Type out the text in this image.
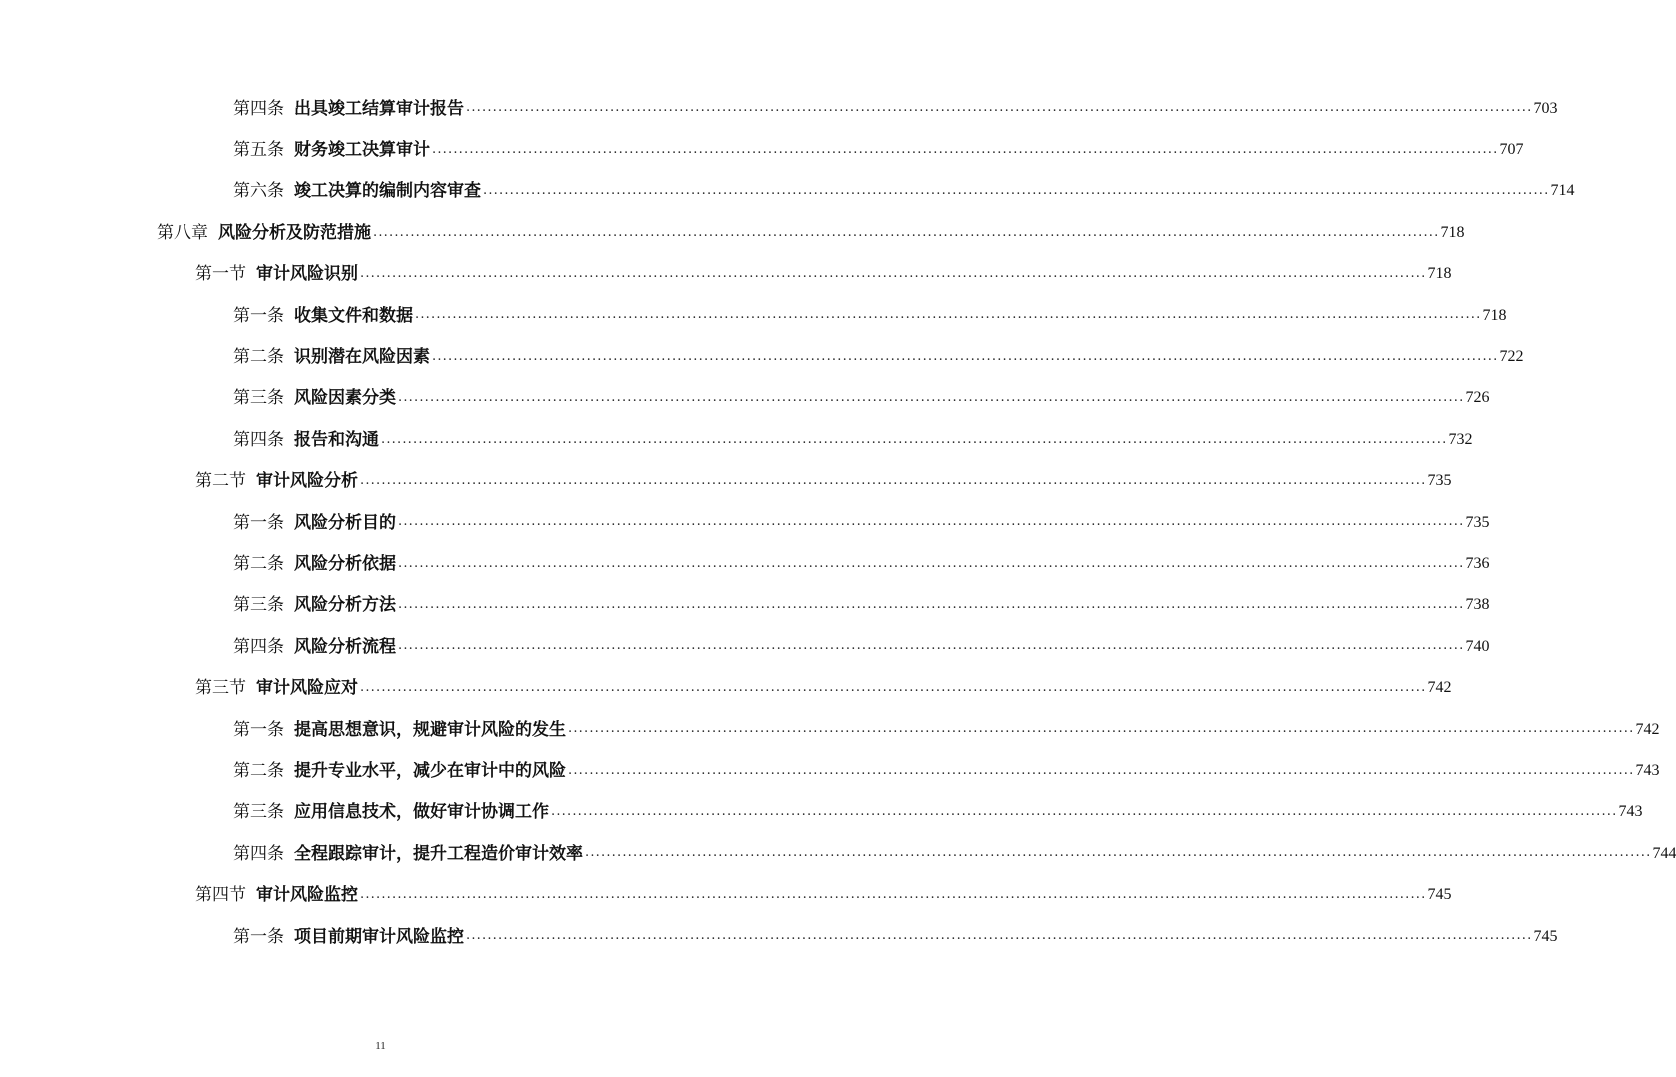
第四条 出具竣工结算审计报告 ........................................................................................................................................................................................................ 703
第五条 财务竣工决算审计 ........................................................................................................................................................................................................ 707
第六条 竣工决算的编制内容审查 ........................................................................................................................................................................................................ 714
第八章 风险分析及防范措施 ........................................................................................................................................................................................................ 718
第一节 审计风险识别 ........................................................................................................................................................................................................ 718
第一条 收集文件和数据 ........................................................................................................................................................................................................ 718
第二条 识别潜在风险因素 ........................................................................................................................................................................................................ 722
第三条 风险因素分类 ........................................................................................................................................................................................................ 726
第四条 报告和沟通 ........................................................................................................................................................................................................ 732
第二节 审计风险分析 ........................................................................................................................................................................................................ 735
第一条 风险分析目的 ........................................................................................................................................................................................................ 735
第二条 风险分析依据 ........................................................................................................................................................................................................ 736
第三条 风险分析方法 ........................................................................................................................................................................................................ 738
第四条 风险分析流程 ........................................................................................................................................................................................................ 740
第三节 审计风险应对 ........................................................................................................................................................................................................ 742
第一条 提高思想意识，规避审计风险的发生 ........................................................................................................................................................................................................ 742
第二条 提升专业水平，减少在审计中的风险 ........................................................................................................................................................................................................ 743
第三条 应用信息技术，做好审计协调工作 ........................................................................................................................................................................................................ 743
第四条 全程跟踪审计，提升工程造价审计效率 ........................................................................................................................................................................................................ 744
第四节 审计风险监控 ........................................................................................................................................................................................................ 745
第一条 项目前期审计风险监控 ........................................................................................................................................................................................................ 745
11
